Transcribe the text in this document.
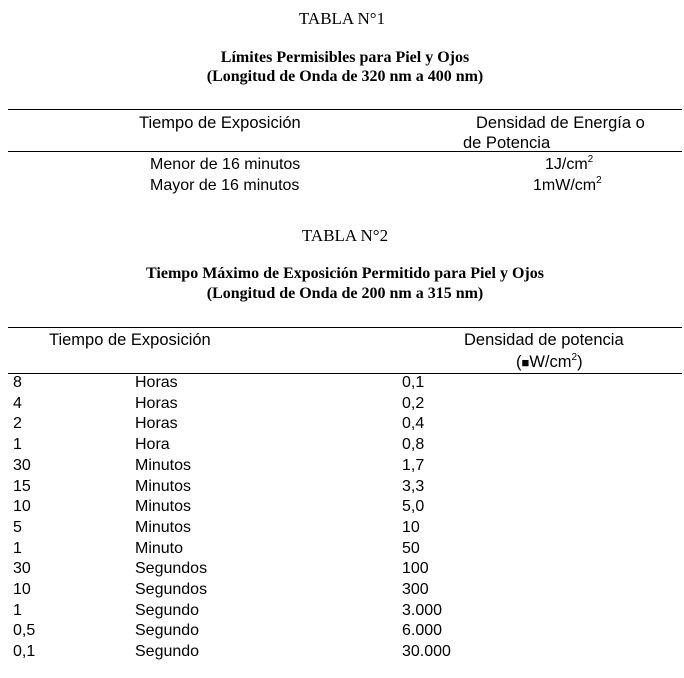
TABLA N°1
Límites Permisibles para Piel y Ojos
(Longitud de Onda de 320 nm a 400 nm)
Tiempo de Exposición	Densidad de Energía o
de Potencia
Menor de 16 minutos	$1J/cm^2$
Mayor de 16 minutos	$1mW/cm^2$
TABLA N°2
Tiempo Máximo de Exposición Permitido para Piel y Ojos
(Longitud de Onda de 200 nm a 315 nm)
Tiempo de Exposición	Densidad de potencia
$(■W/cm^2)$
8	Horas	0,1
4	Horas	0,2
2	Horas	0,4
1	Hora	0,8
30	Minutos	1,7
15	Minutos	3,3
10	Minutos	5,0
5	Minutos	10
1	Minuto	50
30	Segundos	100
10	Segundos	300
1	Segundo	3.000
0,5	Segundo	6.000
0,1	Segundo	30.000
